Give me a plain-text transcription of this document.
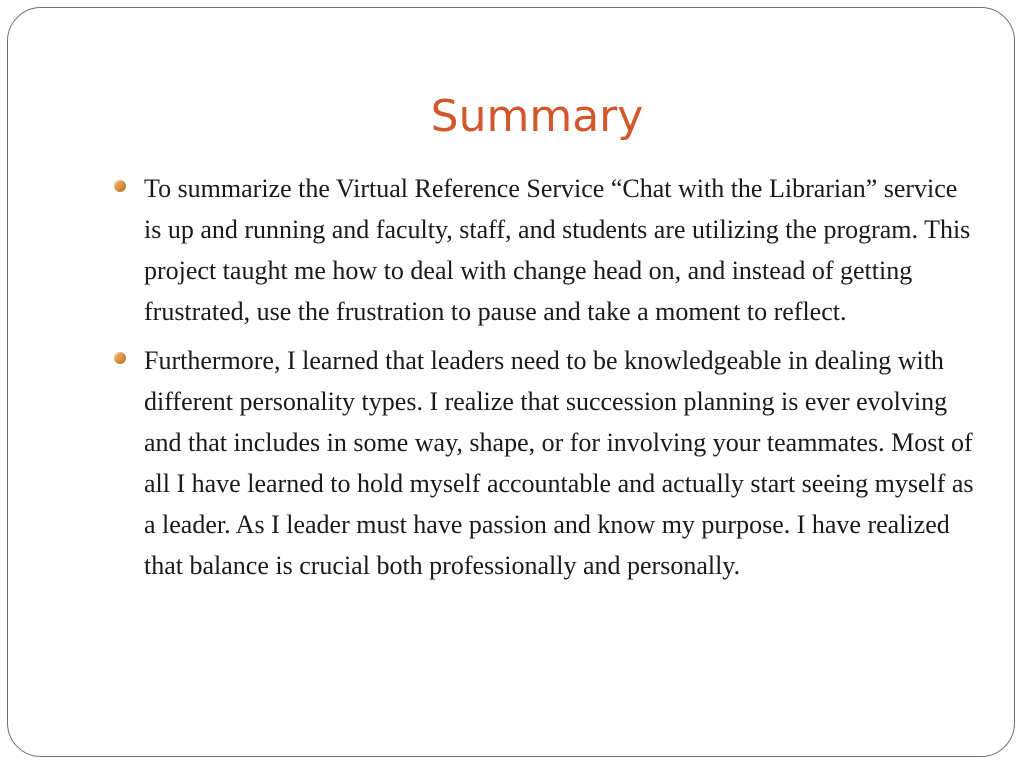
Summary

To summarize the Virtual Reference Service “Chat with the Librarian” service is up and running and faculty, staff, and students are utilizing the program. This project taught me how to deal with change head on, and instead of getting frustrated, use the frustration to pause and take a moment to reflect.

Furthermore, I learned that leaders need to be knowledgeable in dealing with different personality types. I realize that succession planning is ever evolving and that includes in some way, shape, or for involving your teammates. Most of all I have learned to hold myself accountable and actually start seeing myself as a leader. As I leader must have passion and know my purpose. I have realized that balance is crucial both professionally and personally.
